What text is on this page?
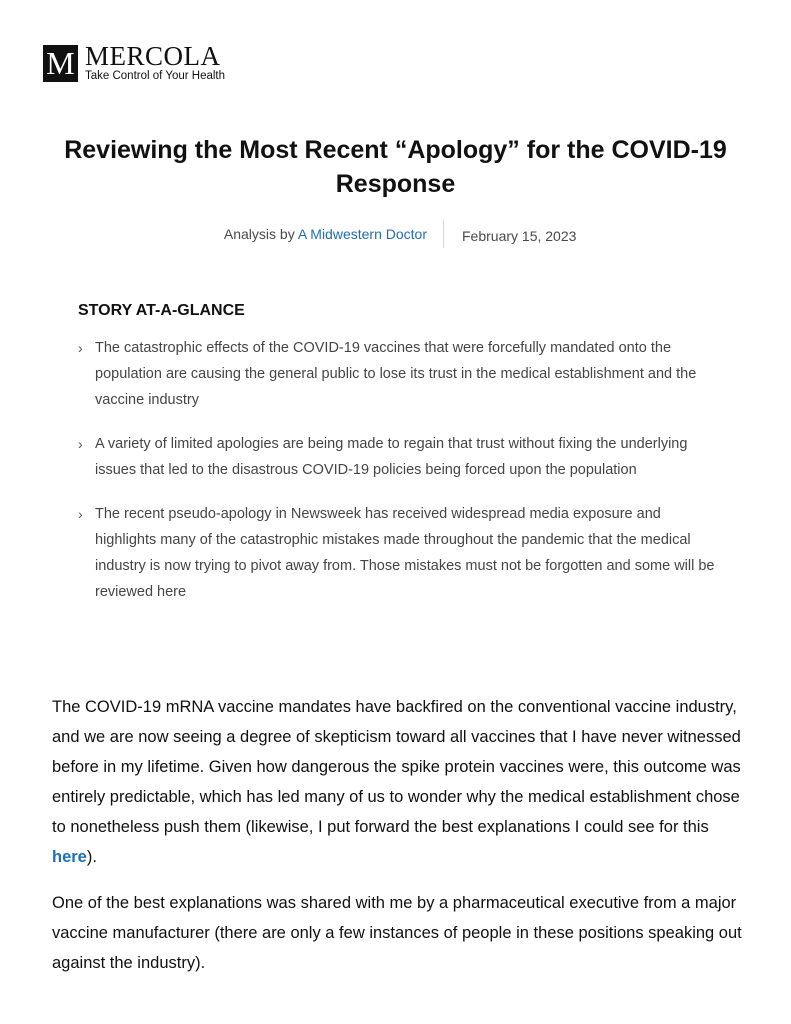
M MERCOLA
Take Control of Your Health
Reviewing the Most Recent “Apology” for the COVID-19 Response
Analysis by A Midwestern Doctor	February 15, 2023
STORY AT-A-GLANCE
› The catastrophic effects of the COVID-19 vaccines that were forcefully mandated onto the population are causing the general public to lose its trust in the medical establishment and the vaccine industry
› A variety of limited apologies are being made to regain that trust without fixing the underlying issues that led to the disastrous COVID-19 policies being forced upon the population
› The recent pseudo-apology in Newsweek has received widespread media exposure and highlights many of the catastrophic mistakes made throughout the pandemic that the medical industry is now trying to pivot away from. Those mistakes must not be forgotten and some will be reviewed here

The COVID-19 mRNA vaccine mandates have backfired on the conventional vaccine industry, and we are now seeing a degree of skepticism toward all vaccines that I have never witnessed before in my lifetime. Given how dangerous the spike protein vaccines were, this outcome was entirely predictable, which has led many of us to wonder why the medical establishment chose to nonetheless push them (likewise, I put forward the best explanations I could see for this here).

One of the best explanations was shared with me by a pharmaceutical executive from a major vaccine manufacturer (there are only a few instances of people in these positions speaking out against the industry).
